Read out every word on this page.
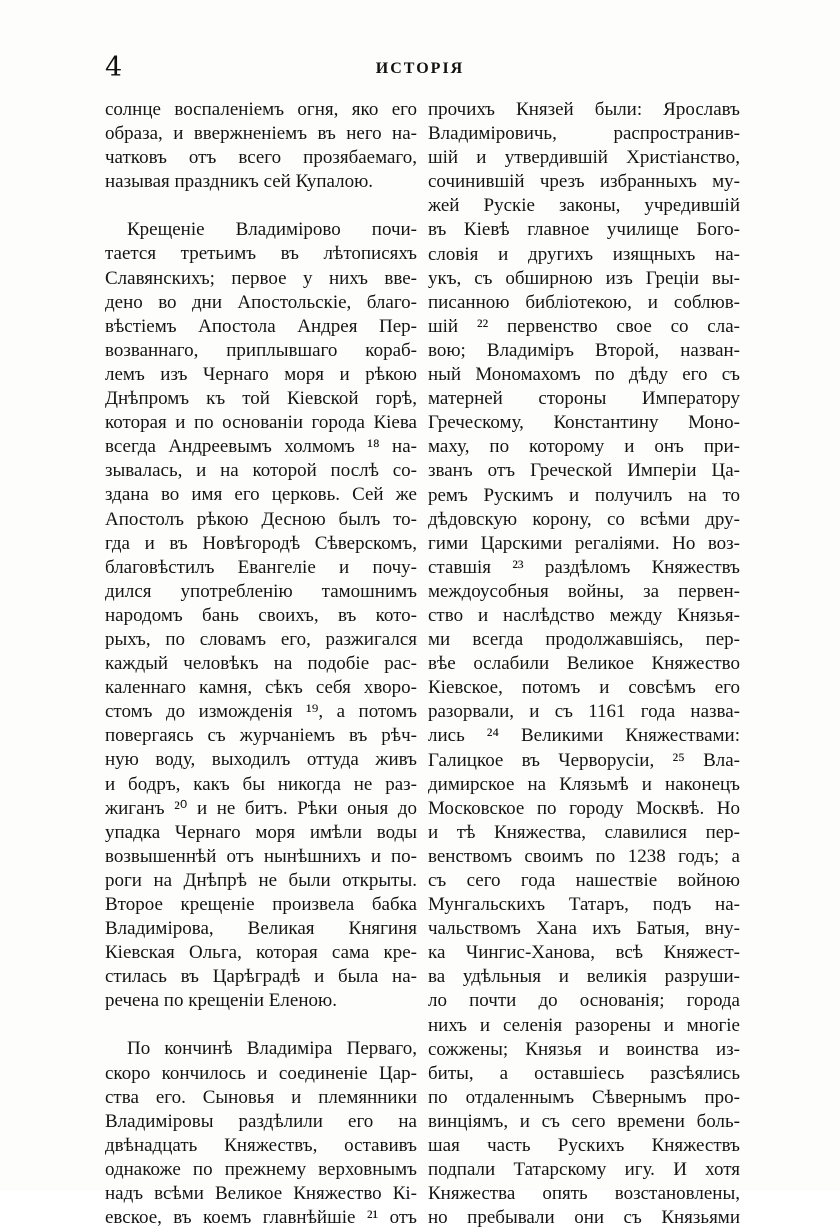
4	ИСТОРІЯ
солнце воспаленіемъ огня, яко его
образа, и ввержненіемъ въ него на-
чатковъ отъ всего прозябаемаго,
называя праздникъ сей Купалою.
Крещеніе Владимірово почи-
тается третьимъ въ лѣтописяхъ
Славянскихъ; первое у нихъ вве-
дено во дни Апостольскіе, благо-
вѣстіемъ Апостола Андрея Пер-
возваннаго, приплывшаго кораб-
лемъ изъ Чернаго моря и рѣкою
Днѣпромъ къ той Кіевской горѣ,
которая и по основаніи города Кіева
всегда Андреевымъ холмомъ ¹⁸ на-
зывалась, и на которой послѣ со-
здана во имя его церковь. Сей же
Апостолъ рѣкою Десною былъ то-
гда и въ Новѣгородѣ Сѣверскомъ,
благовѣстилъ Евангеліе и почу-
дился употребленію тамошнимъ
народомъ бань своихъ, въ кото-
рыхъ, по словамъ его, разжигался
каждый человѣкъ на подобіе рас-
каленнаго камня, сѣкъ себя хворо-
стомъ до изможденія ¹⁹, а потомъ
повергаясь съ журчаніемъ въ рѣч-
ную воду, выходилъ оттуда живъ
и бодръ, какъ бы никогда не раз-
жиганъ ²⁰ и не битъ. Рѣки оныя до
упадка Чернаго моря имѣли воды
возвышеннѣй отъ нынѣшнихъ и по-
роги на Днѣпрѣ не были открыты.
Второе крещеніе произвела бабка
Владимірова, Великая Княгиня
Кіевская Ольга, которая сама кре-
стилась въ Царѣградѣ и была на-
речена по крещеніи Еленою.
По кончинѣ Владиміра Перваго,
скоро кончилось и соединеніе Цар-
ства его. Сыновья и племянники
Владиміровы раздѣлили его на
двѣнадцать Княжествъ, оставивъ
однакоже по прежнему верховнымъ
надъ всѣми Великое Княжество Кі-
евское, въ коемъ главнѣйшіе ²¹ отъ
прочихъ Князей были: Ярославъ
Владиміровичь, распространив-
шій и утвердившій Христіанство,
сочинившій чрезъ избранныхъ му-
жей Рускіе законы, учредившій
въ Кіевѣ главное училище Бого-
словія и другихъ изящныхъ на-
укъ, съ обширною изъ Греціи вы-
писанною библіотекою, и соблюв-
шій ²² первенство свое со сла-
вою; Владиміръ Второй, назван-
ный Мономахомъ по дѣду его съ
матерней стороны Императору
Греческому, Константину Моно-
маху, по которому и онъ при-
званъ отъ Греческой Имперіи Ца-
ремъ Рускимъ и получилъ на то
дѣдовскую корону, со всѣми дру-
гими Царскими регаліями. Но воз-
ставшія ²³ раздѣломъ Княжествъ
междоусобныя войны, за первен-
ство и наслѣдство между Князья-
ми всегда продолжавшіясь, пер-
вѣе ослабили Великое Княжество
Кіевское, потомъ и совсѣмъ его
разорвали, и съ 1161 года назва-
лись ²⁴ Великими Княжествами:
Галицкое въ Черворусіи, ²⁵ Вла-
димирское на Клязьмѣ и наконецъ
Московское по городу Москвѣ. Но
и тѣ Княжества, славилися пер-
венствомъ своимъ по 1238 годъ; а
съ сего года нашествіе войною
Мунгальскихъ Татаръ, подъ на-
чальствомъ Хана ихъ Батыя, вну-
ка Чингис-Ханова, всѣ Княжест-
ва удѣльныя и великія разруши-
ло почти до основанія; города
нихъ и селенія разорены и многіе
сожжены; Князья и воинства из-
биты, а оставшіесь разсѣялись
по отдаленнымъ Сѣвернымъ про-
винціямъ, и съ сего времени боль-
шая часть Рускихъ Княжествъ
подпали Татарскому игу. И хотя
Княжества опять возстановлены,
но пребывали они съ Князьями
